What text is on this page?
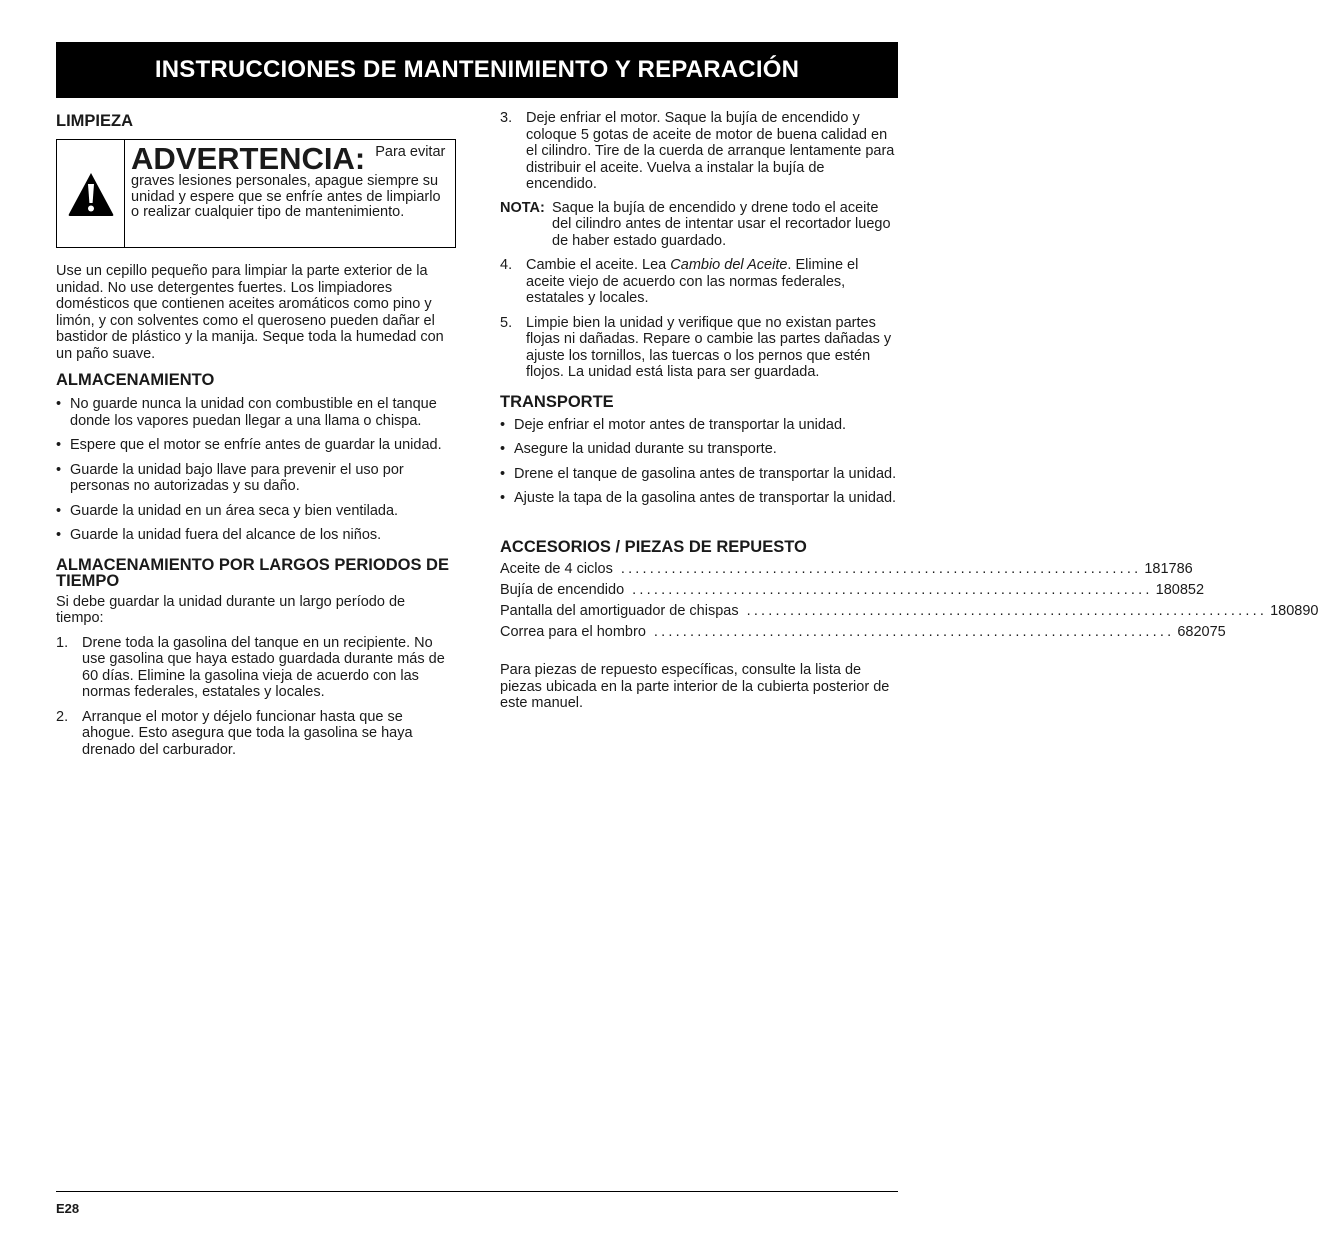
INSTRUCCIONES DE MANTENIMIENTO Y REPARACIÓN
LIMPIEZA
ADVERTENCIA: Para evitar
graves lesiones personales, apague siempre su unidad y espere que se enfríe antes de limpiarlo o realizar cualquier tipo de mantenimiento.

Use un cepillo pequeño para limpiar la parte exterior de la unidad. No use detergentes fuertes. Los limpiadores domésticos que contienen aceites aromáticos como pino y limón, y con solventes como el queroseno pueden dañar el bastidor de plástico y la manija. Seque toda la humedad con un paño suave.

ALMACENAMIENTO
• No guarde nunca la unidad con combustible en el tanque donde los vapores puedan llegar a una llama o chispa.
• Espere que el motor se enfríe antes de guardar la unidad.
• Guarde la unidad bajo llave para prevenir el uso por personas no autorizadas y su daño.
• Guarde la unidad en un área seca y bien ventilada.
• Guarde la unidad fuera del alcance de los niños.
ALMACENAMIENTO POR LARGOS PERIODOS DE TIEMPO

Si debe guardar la unidad durante un largo período de tiempo:

1. Drene toda la gasolina del tanque en un recipiente. No use gasolina que haya estado guardada durante más de 60 días. Elimine la gasolina vieja de acuerdo con las normas federales, estatales y locales.
2. Arranque el motor y déjelo funcionar hasta que se ahogue. Esto asegura que toda la gasolina se haya drenado del carburador.
3. Deje enfriar el motor. Saque la bujía de encendido y coloque 5 gotas de aceite de motor de buena calidad en el cilindro. Tire de la cuerda de arranque lentamente para distribuir el aceite. Vuelva a instalar la bujía de encendido.
NOTA: Saque la bujía de encendido y drene todo el aceite del cilindro antes de intentar usar el recortador luego de haber estado guardado.
4. Cambie el aceite. Lea Cambio del Aceite. Elimine el aceite viejo de acuerdo con las normas federales, estatales y locales.
5. Limpie bien la unidad y verifique que no existan partes flojas ni dañadas. Repare o cambie las partes dañadas y ajuste los tornillos, las tuercas o los pernos que estén flojos. La unidad está lista para ser guardada.
TRANSPORTE
• Deje enfriar el motor antes de transportar la unidad.
• Asegure la unidad durante su transporte.
• Drene el tanque de gasolina antes de transportar la unidad.
• Ajuste la tapa de la gasolina antes de transportar la unidad.
ACCESORIOS / PIEZAS DE REPUESTO
Aceite de 4 ciclos ........................................................................ 181786
Bujía de encendido ........................................................................ 180852
Pantalla del amortiguador de chispas ........................................................................ 180890
Correa para el hombro ........................................................................ 682075

Para piezas de repuesto específicas, consulte la lista de piezas ubicada en la parte interior de la cubierta posterior de este manuel.

E28
